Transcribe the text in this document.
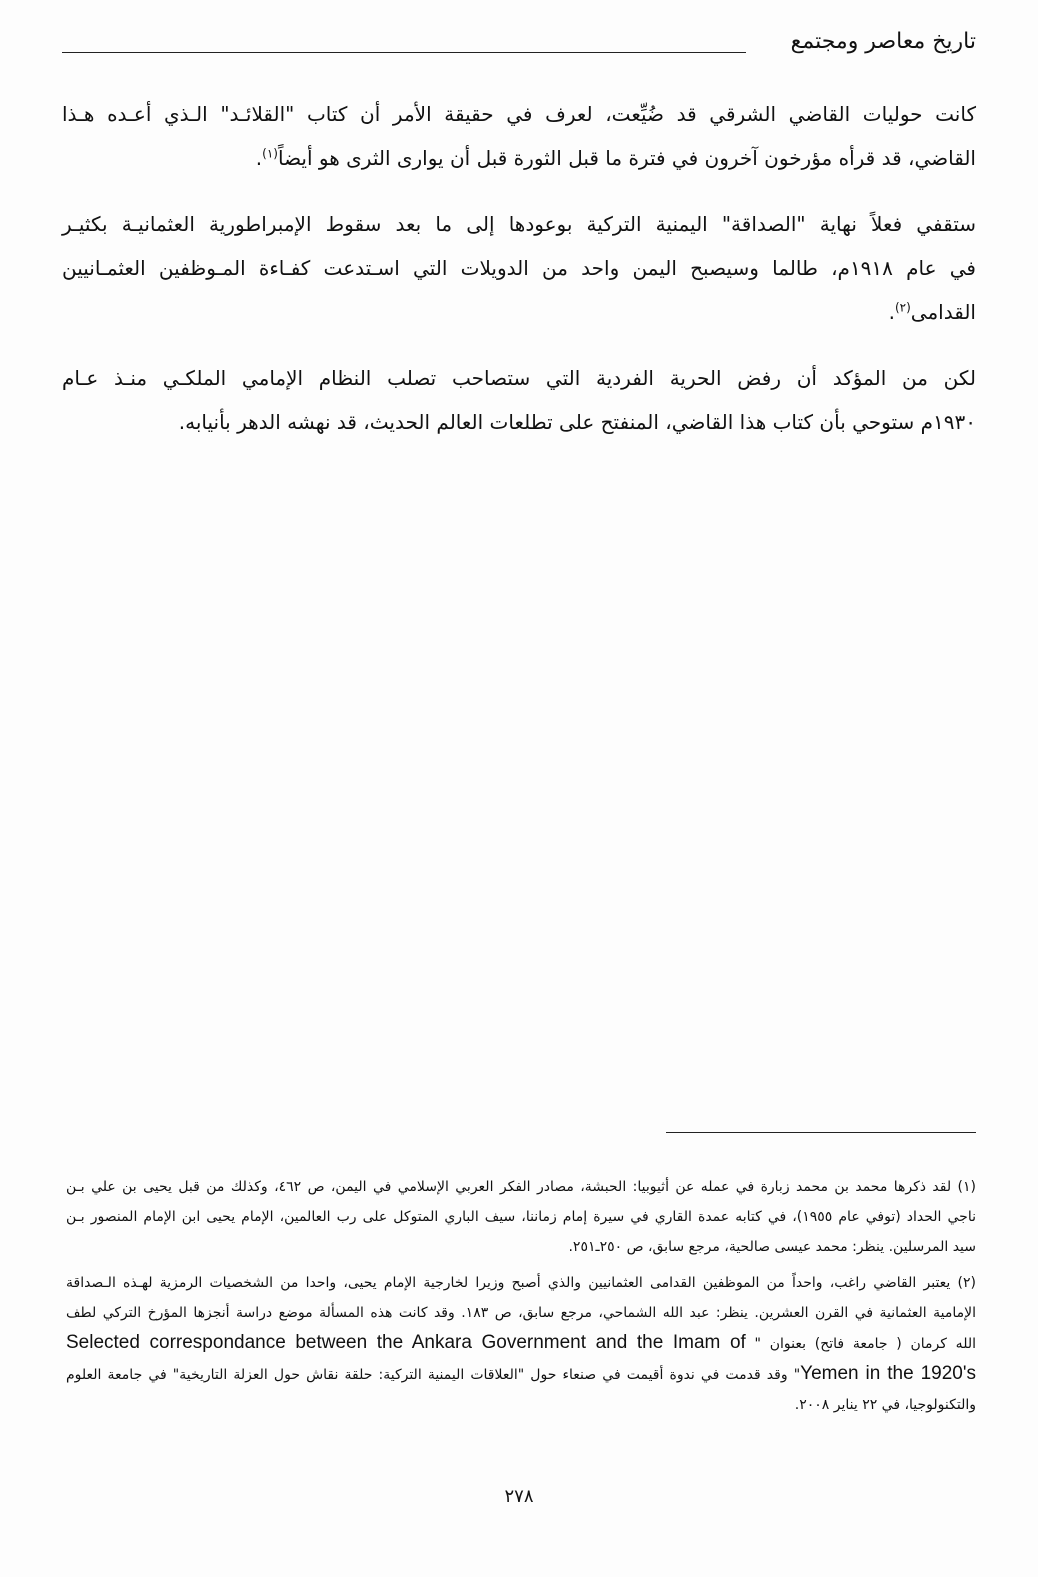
تاريخ معاصر ومجتمع

كانت حوليات القاضي الشرقي قد ضُيِّعت، لعرف في حقيقة الأمر أن كتاب "القلائـد" الـذي أعـده هـذا
القاضي، قد قرأه مؤرخون آخرون في فترة ما قبل الثورة قبل أن يوارى الثرى هو أيضاً$^{(١)}$.

ستقفي فعلاً نهاية "الصداقة" اليمنية التركية بوعودها إلى ما بعد سقوط الإمبراطورية العثمانيـة بكثيـر
في عام ١٩١٨م، طالما وسيصبح اليمن واحد من الدويلات التي اسـتدعت كفـاءة المـوظفين العثمـانيين
القدامى$^{(٢)}$.

لكن من المؤكد أن رفض الحرية الفردية التي ستصاحب تصلب النظام الإمامي الملكـي منـذ عـام
١٩٣٠م ستوحي بأن كتاب هذا القاضي، المنفتح على تطلعات العالم الحديث، قد نهشه الدهر بأنيابه.

(١) لقد ذكرها محمد بن محمد زبارة في عمله عن أثيوبيا: الحبشة، مصادر الفكر العربي الإسلامي في اليمن، ص ٤٦٢، وكذلك من قبل يحيى بن علي بـن
ناجي الحداد (توفي عام ١٩٥٥)، في كتابه عمدة القاري في سيرة إمام زماننا، سيف الباري المتوكل على رب العالمين، الإمام يحيى ابن الإمام المنصور بـن
سيد المرسلين. ينظر: محمد عيسى صالحية، مرجع سابق، ص ٢٥٠ـ٢٥١.
(٢) يعتبر القاضي راغب، واحداً من الموظفين القدامى العثمانيين والذي أصبح وزيرا لخارجية الإمام يحيى، واحدا من الشخصيات الرمزية لهـذه الـصداقة
الإمامية العثمانية في القرن العشرين. ينظر: عبد الله الشماحي، مرجع سابق، ص ١٨٣. وقد كانت هذه المسألة موضع دراسة أنجزها المؤرخ التركي لطف
الله كرمان ( جامعة فاتح) بعنوان " Selected correspondance between the Ankara Government and the Imam of
Yemen in the 1920's" وقد قدمت في ندوة أقيمت في صنعاء حول "العلاقات اليمنية التركية: حلقة نقاش حول العزلة التاريخية" في جامعة العلوم
والتكنولوجيا، في ٢٢ يناير ٢٠٠٨.
٢٧٨
